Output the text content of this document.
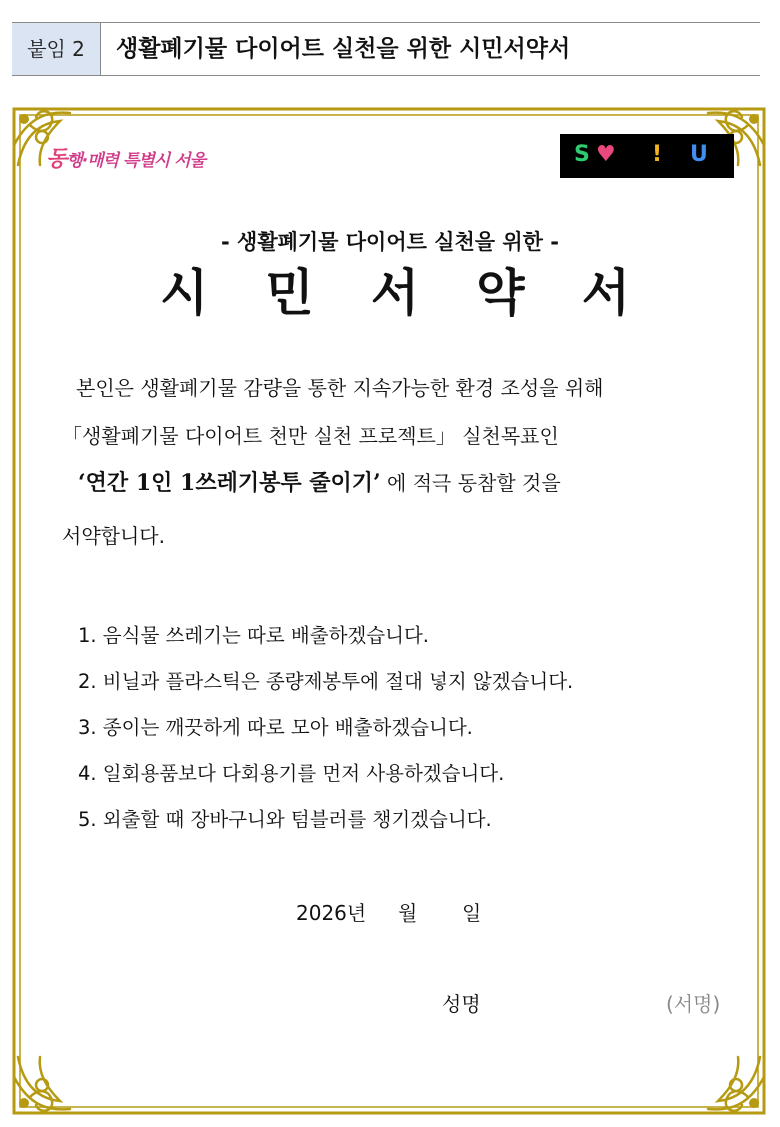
붙임 2	생활폐기물 다이어트 실천을 위한 시민서약서
동행·매력 특별시 서울	S ♥ ! U
- 생활폐기물 다이어트 실천을 위한 -
시 민 서 약 서
본인은 생활폐기물 감량을 통한 지속가능한 환경 조성을 위해
「생활폐기물 다이어트 천만 실천 프로젝트」 실천목표인
‘연간 1인 1쓰레기봉투 줄이기’ 에 적극 동참할 것을
서약합니다.
1. 음식물 쓰레기는 따로 배출하겠습니다.
2. 비닐과 플라스틱은 종량제봉투에 절대 넣지 않겠습니다.
3. 종이는 깨끗하게 따로 모아 배출하겠습니다.
4. 일회용품보다 다회용기를 먼저 사용하겠습니다.
5. 외출할 때 장바구니와 텀블러를 챙기겠습니다.
2026년 월 일
성명	(서명)
